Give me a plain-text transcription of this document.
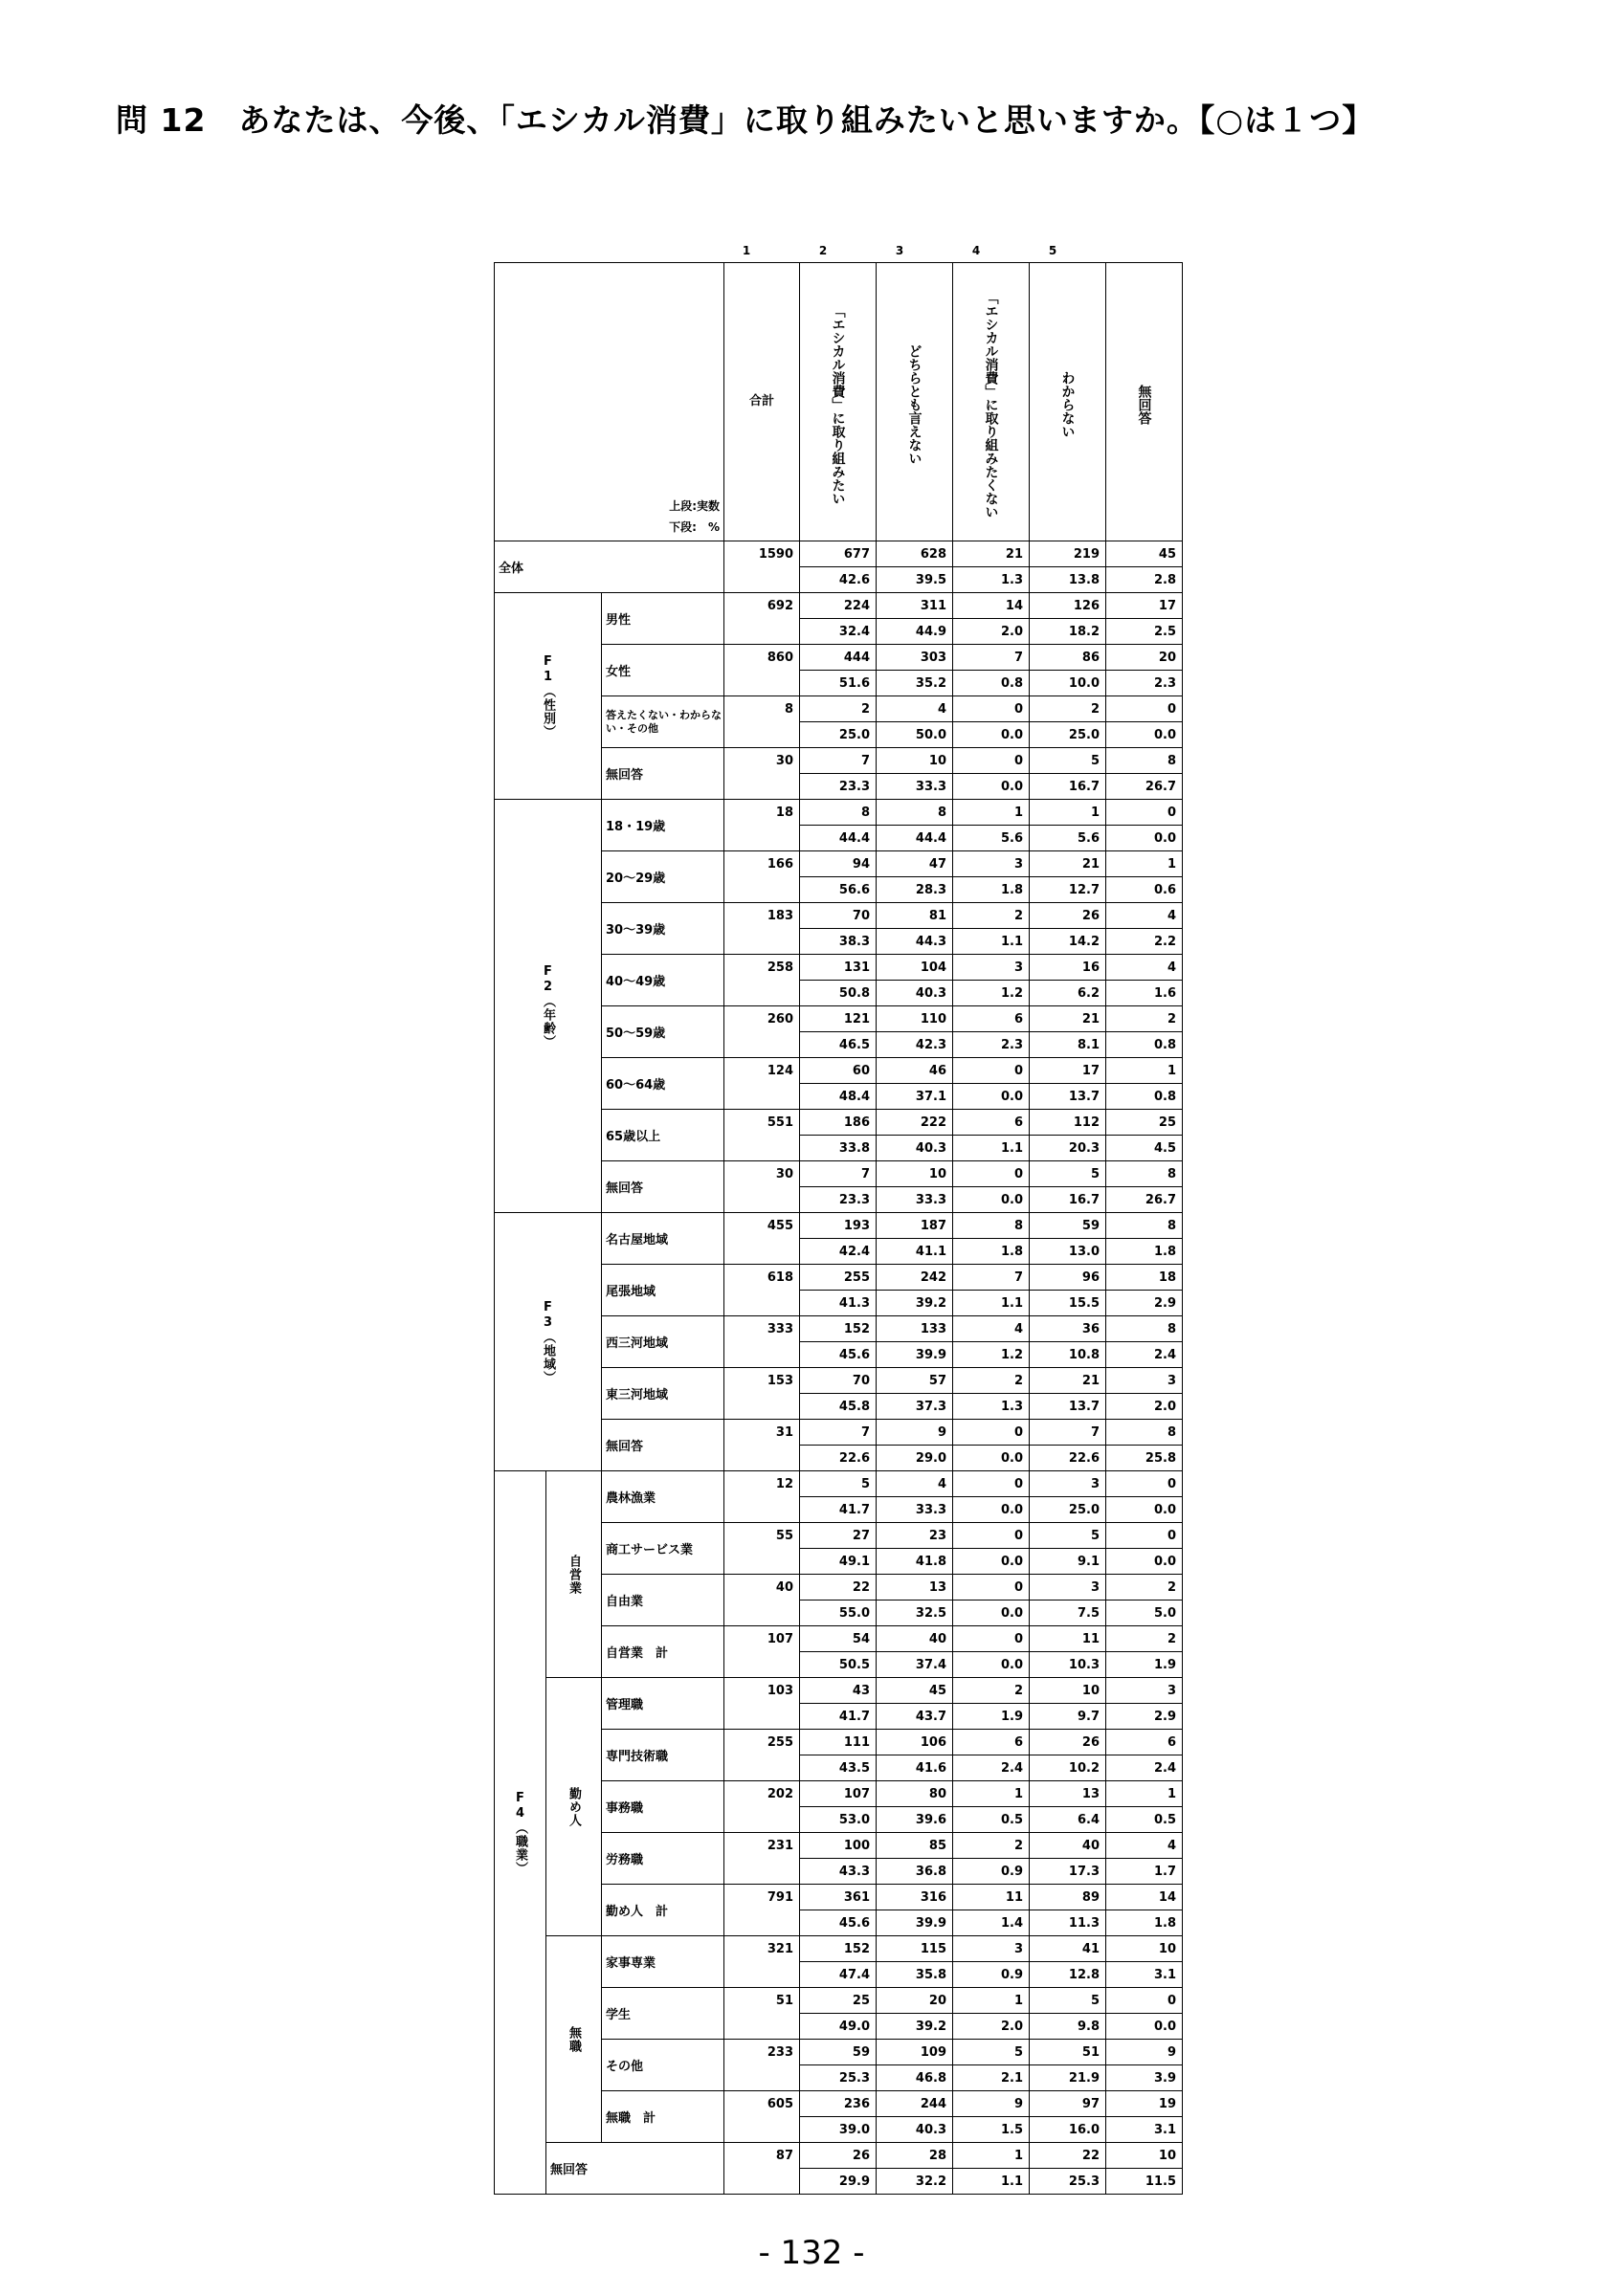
問 12　あなたは、今後、「エシカル消費」に取り組みたいと思いますか。【○は１つ】
1	2	3	4	5
上段:実数
下段:　%			合計	「エシカル消費」に取り組みたい	どちらとも言えない	「エシカル消費」に取り組みたくない	わからない	無回答

全体			1590	677	628	21	219	45
				42.6	39.5	1.3	13.8	2.8

F1（性別）		男性	692	224	311	14	126	17
				32.4	44.9	2.0	18.2	2.5
		女性	860	444	303	7	86	20
				51.6	35.2	0.8	10.0	2.3
		答えたくない・わからない・その他	8	2	4	0	2	0
				25.0	50.0	0.0	25.0	0.0
		無回答	30	7	10	0	5	8
				23.3	33.3	0.0	16.7	26.7

F2（年齢）		18・19歳	18	8	8	1	1	0
				44.4	44.4	5.6	5.6	0.0
		20～29歳	166	94	47	3	21	1
				56.6	28.3	1.8	12.7	0.6
		30～39歳	183	70	81	2	26	4
				38.3	44.3	1.1	14.2	2.2
		40～49歳	258	131	104	3	16	4
				50.8	40.3	1.2	6.2	1.6
		50～59歳	260	121	110	6	21	2
				46.5	42.3	2.3	8.1	0.8
		60～64歳	124	60	46	0	17	1
				48.4	37.1	0.0	13.7	0.8
		65歳以上	551	186	222	6	112	25
				33.8	40.3	1.1	20.3	4.5
		無回答	30	7	10	0	5	8
				23.3	33.3	0.0	16.7	26.7

F3（地域）		名古屋地域	455	193	187	8	59	8
				42.4	41.1	1.8	13.0	1.8
		尾張地域	618	255	242	7	96	18
				41.3	39.2	1.1	15.5	2.9
		西三河地域	333	152	133	4	36	8
				45.6	39.9	1.2	10.8	2.4
		東三河地域	153	70	57	2	21	3
				45.8	37.3	1.3	13.7	2.0
		無回答	31	7	9	0	7	8
				22.6	29.0	0.0	22.6	25.8

F4（職業）	自営業	農林漁業	12	5	4	0	3	0
				41.7	33.3	0.0	25.0	0.0
		商工サービス業	55	27	23	0	5	0
				49.1	41.8	0.0	9.1	0.0
		自由業	40	22	13	0	3	2
				55.0	32.5	0.0	7.5	5.0
		自営業　計	107	54	40	0	11	2
				50.5	37.4	0.0	10.3	1.9

	勤め人	管理職	103	43	45	2	10	3
				41.7	43.7	1.9	9.7	2.9
		専門技術職	255	111	106	6	26	6
				43.5	41.6	2.4	10.2	2.4
		事務職	202	107	80	1	13	1
				53.0	39.6	0.5	6.4	0.5
		労務職	231	100	85	2	40	4
				43.3	36.8	0.9	17.3	1.7
		勤め人　計	791	361	316	11	89	14
				45.6	39.9	1.4	11.3	1.8

	無職	家事専業	321	152	115	3	41	10
				47.4	35.8	0.9	12.8	3.1
		学生	51	25	20	1	5	0
				49.0	39.2	2.0	9.8	0.0
		その他	233	59	109	5	51	9
				25.3	46.8	2.1	21.9	3.9
		無職　計	605	236	244	9	97	19
				39.0	40.3	1.5	16.0	3.1
	無回答		87	26	28	1	22	10
				29.9	32.2	1.1	25.3	11.5
- 132 -
